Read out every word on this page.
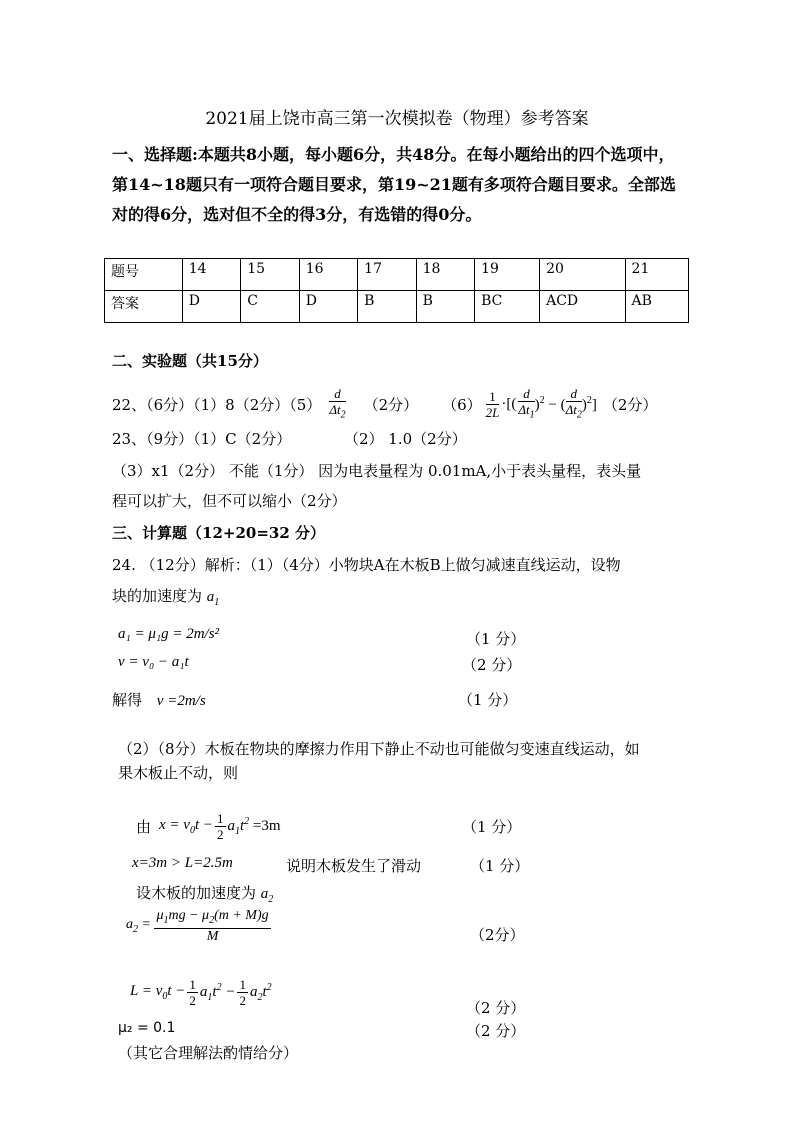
2021届上饶市高三第一次模拟卷（物理）参考答案
一、选择题:本题共8小题，每小题6分，共48分。在每小题给出的四个选项中，第14~18题只有一项符合题目要求，第19~21题有多项符合题目要求。全部选对的得6分，选对但不全的得3分，有选错的得0分。
题号	14	15	16	17	18	19	20	21
答案	D	C	D	B	B	BC	ACD	AB
二、实验题（共15分）
22、（6分）（1）8（2分）$(5) \frac{d}{\Delta t_2} (2$分） $(6) \frac{1}{2L}$ ·[( $\frac{d}{\Delta t_1} )^2$ − ( $\frac{d}{\Delta t_2} )^2$] （2分）
23、（9分）（1）C（2分）	（2） 1.0（2分）
（3）x1（2分） 不能（1分） 因为电表量程为 0.01mA,小于表头量程，表头量
程可以扩大，但不可以缩小（2分）
三、计算题（12+20=32 分）
24. （12分）解析：（1）（4分）小物块A在木板B上做匀减速直线运动，设物
块的加速度为 $a_1$
a₁ = μ₁g = 2m/s²	（1 分）
v = v₀ − a₁t	（2 分）
解得 v =2m/s	（1 分）
（2）（8分）木板在物块的摩擦力作用下静止不动也可能做匀变速直线运动，如
果木板止不动，则
由 $x = v_0t - \frac{1}{2} a_1t^2 =3m$	（1 分）
x=3m > L=2.5m	说明木板发生了滑动	（1 分）
设木板的加速度为 $a_2$
$a_2 = \frac{\mu_1mg - \mu_2(m + M)g}{M}$	（2分）
$L = v_0t - \frac{1}{2} a_1t^2 - \frac{1}{2} a_2t^2$
（2 分）
μ₂ = 0.1	（2 分）
（其它合理解法酌情给分）
